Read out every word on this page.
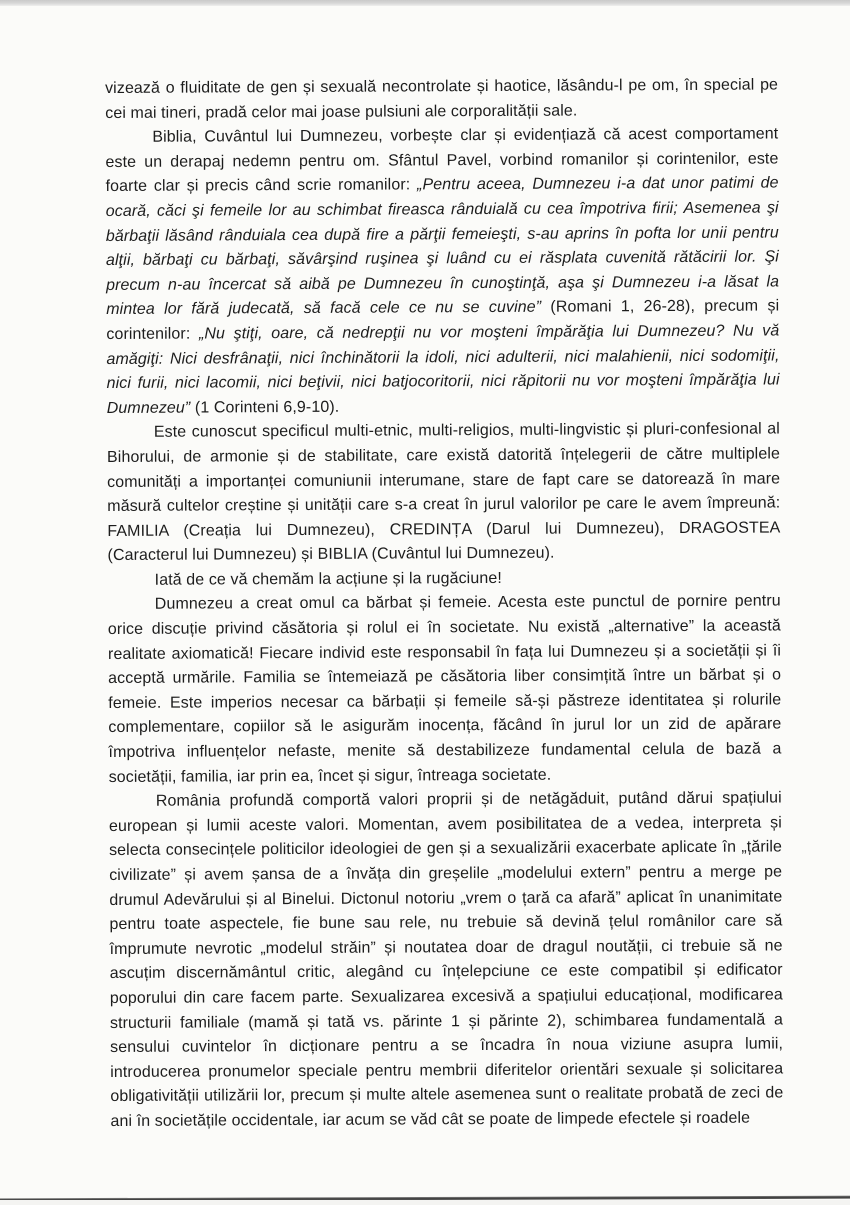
vizează o fluiditate de gen și sexuală necontrolate și haotice, lăsându-l pe om, în special pe cei mai tineri, pradă celor mai joase pulsiuni ale corporalității sale.

Biblia, Cuvântul lui Dumnezeu, vorbește clar și evidențiază că acest comportament este un derapaj nedemn pentru om. Sfântul Pavel, vorbind romanilor și corintenilor, este foarte clar și precis când scrie romanilor: „Pentru aceea, Dumnezeu i-a dat unor patimi de ocară, căci şi femeile lor au schimbat fireasca rânduială cu cea împotriva firii; Asemenea şi bărbaţii lăsând rânduiala cea după fire a părţii femeieşti, s-au aprins în pofta lor unii pentru alţii, bărbaţi cu bărbaţi, săvârşind ruşinea şi luând cu ei răsplata cuvenită rătăcirii lor. Şi precum n-au încercat să aibă pe Dumnezeu în cunoştinţă, aşa şi Dumnezeu i-a lăsat la mintea lor fără judecată, să facă cele ce nu se cuvine” (Romani 1, 26-28), precum și corintenilor: „Nu ştiţi, oare, că nedrepţii nu vor moşteni împărăţia lui Dumnezeu? Nu vă amăgiţi: Nici desfrânaţii, nici închinătorii la idoli, nici adulterii, nici malahienii, nici sodomiţii, nici furii, nici lacomii, nici beţivii, nici batjocoritorii, nici răpitorii nu vor moşteni împărăţia lui Dumnezeu” (1 Corinteni 6,9-10).

Este cunoscut specificul multi-etnic, multi-religios, multi-lingvistic și pluri-confesional al Bihorului, de armonie și de stabilitate, care există datorită înțelegerii de către multiplele comunități a importanței comuniunii interumane, stare de fapt care se datorează în mare măsură cultelor creștine și unității care s-a creat în jurul valorilor pe care le avem împreună: FAMILIA (Creația lui Dumnezeu), CREDINȚA (Darul lui Dumnezeu), DRAGOSTEA (Caracterul lui Dumnezeu) și BIBLIA (Cuvântul lui Dumnezeu).

Iată de ce vă chemăm la acțiune și la rugăciune!

Dumnezeu a creat omul ca bărbat și femeie. Acesta este punctul de pornire pentru orice discuție privind căsătoria și rolul ei în societate. Nu există „alternative” la această realitate axiomatică! Fiecare individ este responsabil în fața lui Dumnezeu și a societății și îi acceptă urmările. Familia se întemeiază pe căsătoria liber consimțită între un bărbat și o femeie. Este imperios necesar ca bărbații și femeile să-și păstreze identitatea și rolurile complementare, copiilor să le asigurăm inocența, făcând în jurul lor un zid de apărare împotriva influențelor nefaste, menite să destabilizeze fundamental celula de bază a societății, familia, iar prin ea, încet și sigur, întreaga societate.

România profundă comportă valori proprii și de netăgăduit, putând dărui spațiului european și lumii aceste valori. Momentan, avem posibilitatea de a vedea, interpreta și selecta consecințele politicilor ideologiei de gen și a sexualizării exacerbate aplicate în „țările civilizate” și avem șansa de a învăța din greșelile „modelului extern” pentru a merge pe drumul Adevărului și al Binelui. Dictonul notoriu „vrem o țară ca afară” aplicat în unanimitate pentru toate aspectele, fie bune sau rele, nu trebuie să devină țelul românilor care să împrumute nevrotic „modelul străin” și noutatea doar de dragul noutății, ci trebuie să ne ascuțim discernământul critic, alegând cu înțelepciune ce este compatibil și edificator poporului din care facem parte. Sexualizarea excesivă a spațiului educațional, modificarea structurii familiale (mamă și tată vs. părinte 1 și părinte 2), schimbarea fundamentală a sensului cuvintelor în dicționare pentru a se încadra în noua viziune asupra lumii, introducerea pronumelor speciale pentru membrii diferitelor orientări sexuale și solicitarea obligativității utilizării lor, precum și multe altele asemenea sunt o realitate probată de zeci de ani în societățile occidentale, iar acum se văd cât se poate de limpede efectele și roadele
